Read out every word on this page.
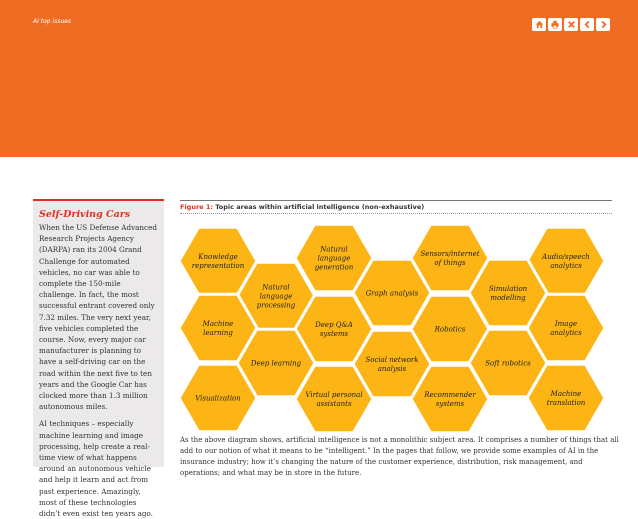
AI top issues
Self-Driving Cars

When the US Defense Advanced Research Projects Agency (DARPA) ran its 2004 Grand Challenge for automated vehicles, no car was able to complete the 150-mile challenge. In fact, the most successful entrant covered only 7.32 miles. The very next year, five vehicles completed the course. Now, every major car manufacturer is planning to have a self-driving car on the road within the next five to ten years and the Google Car has clocked more than 1.3 million autonomous miles.

AI techniques – especially machine learning and image processing, help create a real-time view of what happens around an autonomous vehicle and help it learn and act from past experience. Amazingly, most of these technologies didn’t even exist ten years ago.

Figure 1: Topic areas within artificial intelligence (non-exhaustive)
Knowledge representation
Natural language generation
Sensors/internet of things
Audio/speech analytics
Natural language processing
Graph analysis
Simulation modelling
Machine learning
Deep Q&A systems
Robotics
Image analytics
Deep learning	Social network analysis
Soft robotics
Visualization	Virtual personal assistants
Recommender systems
Machine translation

As the above diagram shows, artificial intelligence is not a monolithic subject area. It comprises a number of things that all add to our notion of what it means to be “intelligent.” In the pages that follow, we provide some examples of AI in the insurance industry; how it’s changing the nature of the customer experience, distribution, risk management, and operations; and what may be in store in the future.
